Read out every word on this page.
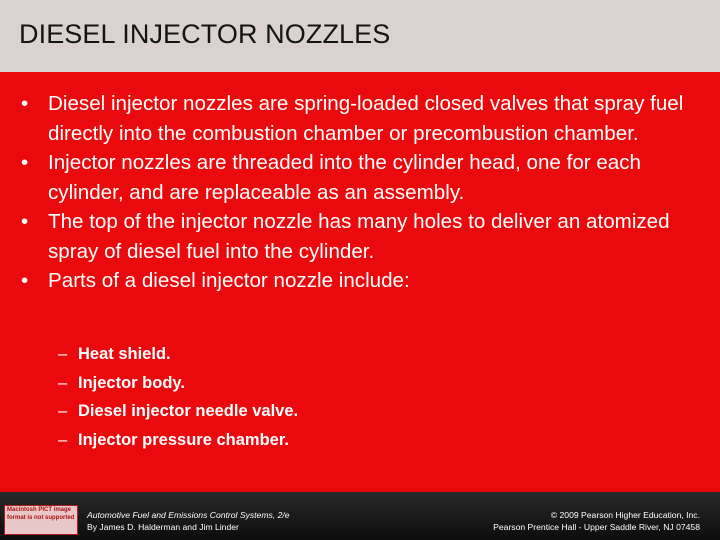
DIESEL INJECTOR NOZZLES
• Diesel injector nozzles are spring-loaded closed valves that spray fuel directly into the combustion chamber or precombustion chamber.
• Injector nozzles are threaded into the cylinder head, one for each cylinder, and are replaceable as an assembly.
• The top of the injector nozzle has many holes to deliver an atomized spray of diesel fuel into the cylinder.
• Parts of a diesel injector nozzle include:
– Heat shield.
– Injector body.
– Diesel injector needle valve.
– Injector pressure chamber.
Macintosh PICT image format is not supported	Automotive Fuel and Emissions Control Systems, 2/e
By James D. Halderman and Jim Linder
© 2009 Pearson Higher Education, Inc.
Pearson Prentice Hall - Upper Saddle River, NJ 07458
